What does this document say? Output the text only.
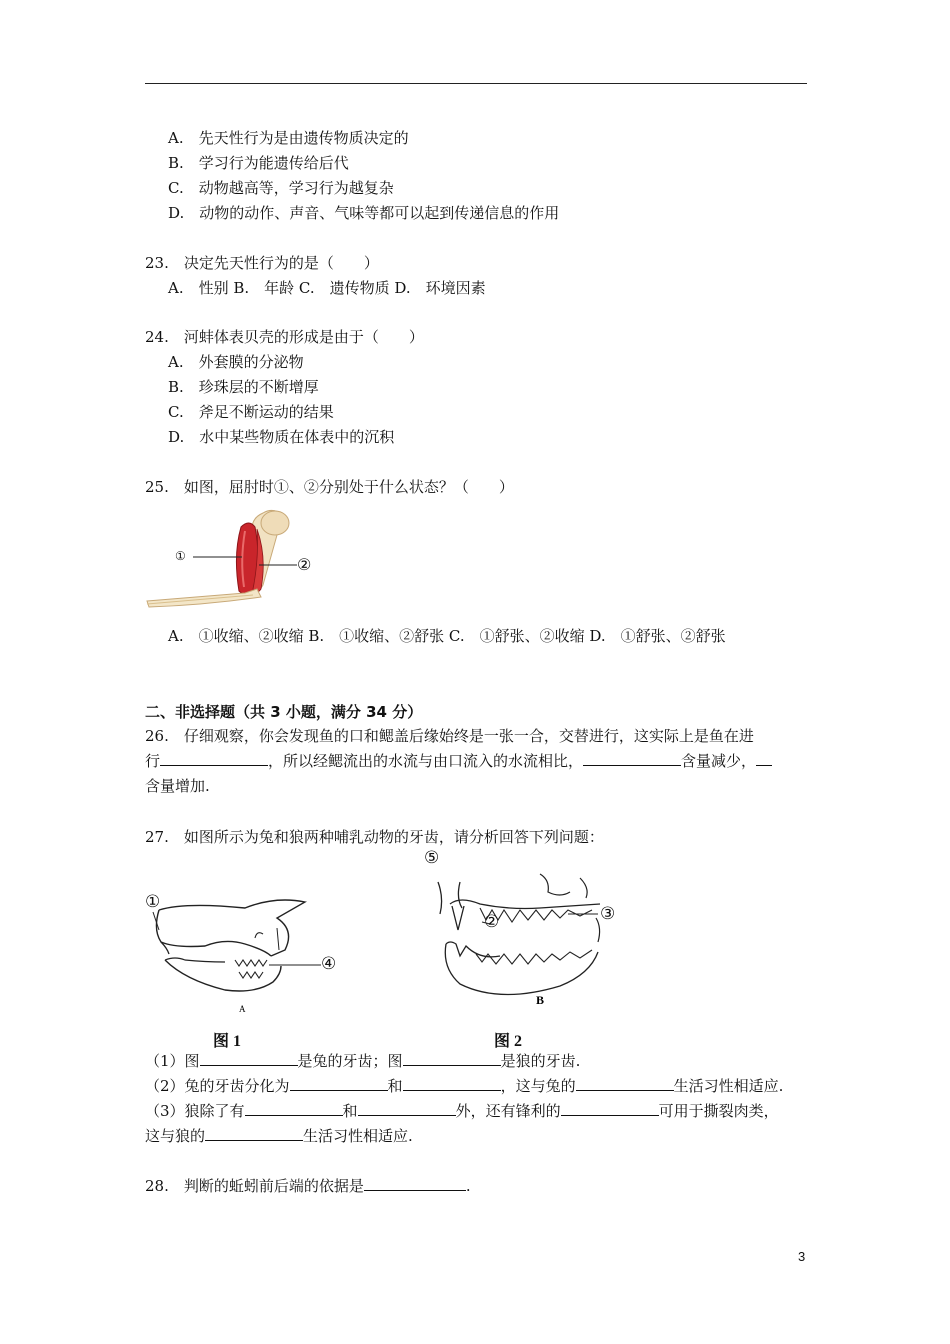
A.　先天性行为是由遗传物质决定的
B.　学习行为能遗传给后代
C.　动物越高等，学习行为越复杂
D.　动物的动作、声音、气味等都可以起到传递信息的作用
23.　决定先天性行为的是（　　）
A.　性别 B.　年龄 C.　遗传物质 D.　环境因素
24.　河蚌体表贝壳的形成是由于（　　）
A.　外套膜的分泌物
B.　珍珠层的不断增厚
C.　斧足不断运动的结果
D.　水中某些物质在体表中的沉积
25.　如图，屈肘时①、②分别处于什么状态？（　　）
①	②
A.　①收缩、②收缩 B.　①收缩、②舒张 C.　①舒张、②收缩 D.　①舒张、②舒张
二、非选择题（共 3 小题，满分 34 分）
26.　仔细观察，你会发现鱼的口和鳃盖后缘始终是一张一合，交替进行，这实际上是鱼在进
行	，所以经鳃流出的水流与由口流入的水流相比，	含量减少，
含量增加.
27.　如图所示为兔和狼两种哺乳动物的牙齿，请分析回答下列问题：
A
①
④
图 1
B
⑤
②	③
图 2
（1）图	是兔的牙齿；图	是狼的牙齿.
（2）兔的牙齿分化为	和	，这与兔的	生活习性相适应.
（3）狼除了有	和	外，还有锋利的	可用于撕裂肉类，
这与狼的	生活习性相适应.
28.　判断的蚯蚓前后端的依据是	.
3
